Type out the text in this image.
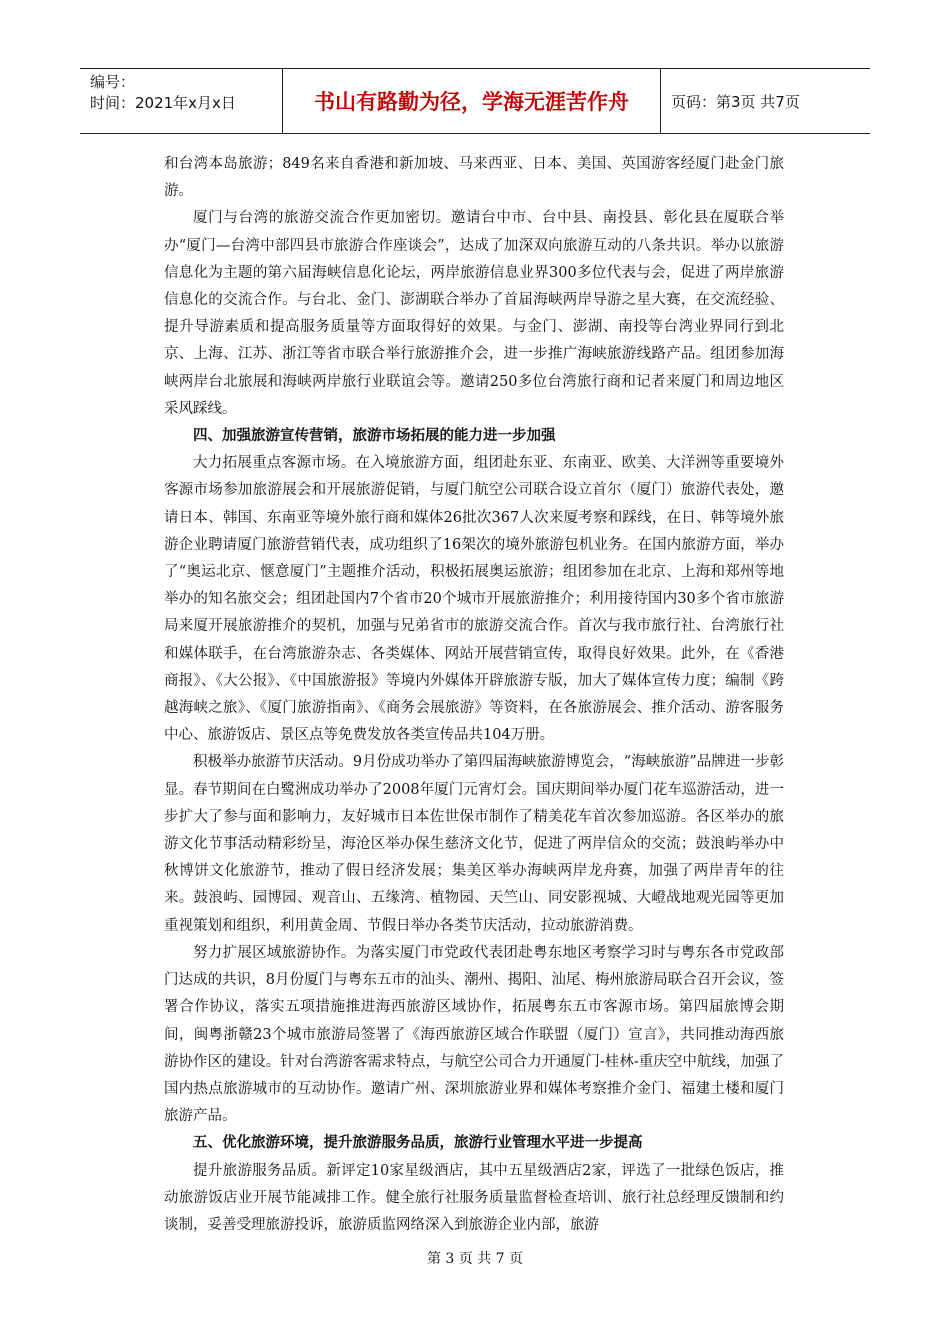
编号：
时间：2021年x月x日	书山有路勤为径，学海无涯苦作舟	页码：第3页 共7页

和台湾本岛旅游；849名来自香港和新加坡、马来西亚、日本、美国、英国游客经厦门赴金门旅游。

厦门与台湾的旅游交流合作更加密切。邀请台中市、台中县、南投县、彰化县在厦联合举办“厦门—台湾中部四县市旅游合作座谈会”，达成了加深双向旅游互动的八条共识。举办以旅游信息化为主题的第六届海峡信息化论坛，两岸旅游信息业界300多位代表与会，促进了两岸旅游信息化的交流合作。与台北、金门、澎湖联合举办了首届海峡两岸导游之星大赛，在交流经验、提升导游素质和提高服务质量等方面取得好的效果。与金门、澎湖、南投等台湾业界同行到北京、上海、江苏、浙江等省市联合举行旅游推介会，进一步推广海峡旅游线路产品。组团参加海峡两岸台北旅展和海峡两岸旅行业联谊会等。邀请250多位台湾旅行商和记者来厦门和周边地区采风踩线。

四、加强旅游宣传营销，旅游市场拓展的能力进一步加强

大力拓展重点客源市场。在入境旅游方面，组团赴东亚、东南亚、欧美、大洋洲等重要境外客源市场参加旅游展会和开展旅游促销，与厦门航空公司联合设立首尔（厦门）旅游代表处，邀请日本、韩国、东南亚等境外旅行商和媒体26批次367人次来厦考察和踩线，在日、韩等境外旅游企业聘请厦门旅游营销代表，成功组织了16架次的境外旅游包机业务。在国内旅游方面，举办了“奥运北京、惬意厦门”主题推介活动，积极拓展奥运旅游；组团参加在北京、上海和郑州等地举办的知名旅交会；组团赴国内7个省市20个城市开展旅游推介；利用接待国内30多个省市旅游局来厦开展旅游推介的契机，加强与兄弟省市的旅游交流合作。首次与我市旅行社、台湾旅行社和媒体联手，在台湾旅游杂志、各类媒体、网站开展营销宣传，取得良好效果。此外，在《香港商报》、《大公报》、《中国旅游报》等境内外媒体开辟旅游专版，加大了媒体宣传力度；编制《跨越海峡之旅》、《厦门旅游指南》、《商务会展旅游》等资料，在各旅游展会、推介活动、游客服务中心、旅游饭店、景区点等免费发放各类宣传品共104万册。

积极举办旅游节庆活动。9月份成功举办了第四届海峡旅游博览会，“海峡旅游”品牌进一步彰显。春节期间在白鹭洲成功举办了2008年厦门元宵灯会。国庆期间举办厦门花车巡游活动，进一步扩大了参与面和影响力，友好城市日本佐世保市制作了精美花车首次参加巡游。各区举办的旅游文化节事活动精彩纷呈，海沧区举办保生慈济文化节，促进了两岸信众的交流；鼓浪屿举办中秋博饼文化旅游节，推动了假日经济发展；集美区举办海峡两岸龙舟赛，加强了两岸青年的往来。鼓浪屿、园博园、观音山、五缘湾、植物园、天竺山、同安影视城、大嶝战地观光园等更加重视策划和组织，利用黄金周、节假日举办各类节庆活动，拉动旅游消费。

努力扩展区域旅游协作。为落实厦门市党政代表团赴粤东地区考察学习时与粤东各市党政部门达成的共识，8月份厦门与粤东五市的汕头、潮州、揭阳、汕尾、梅州旅游局联合召开会议，签署合作协议，落实五项措施推进海西旅游区域协作，拓展粤东五市客源市场。第四届旅博会期间，闽粤浙赣23个城市旅游局签署了《海西旅游区域合作联盟（厦门）宣言》，共同推动海西旅游协作区的建设。针对台湾游客需求特点，与航空公司合力开通厦门-桂林-重庆空中航线，加强了国内热点旅游城市的互动协作。邀请广州、深圳旅游业界和媒体考察推介金门、福建土楼和厦门旅游产品。

五、优化旅游环境，提升旅游服务品质，旅游行业管理水平进一步提高

提升旅游服务品质。新评定10家星级酒店，其中五星级酒店2家，评选了一批绿色饭店，推动旅游饭店业开展节能减排工作。健全旅行社服务质量监督检查培训、旅行社总经理反馈制和约谈制，妥善受理旅游投诉，旅游质监网络深入到旅游企业内部，旅游

第 3 页 共 7 页
